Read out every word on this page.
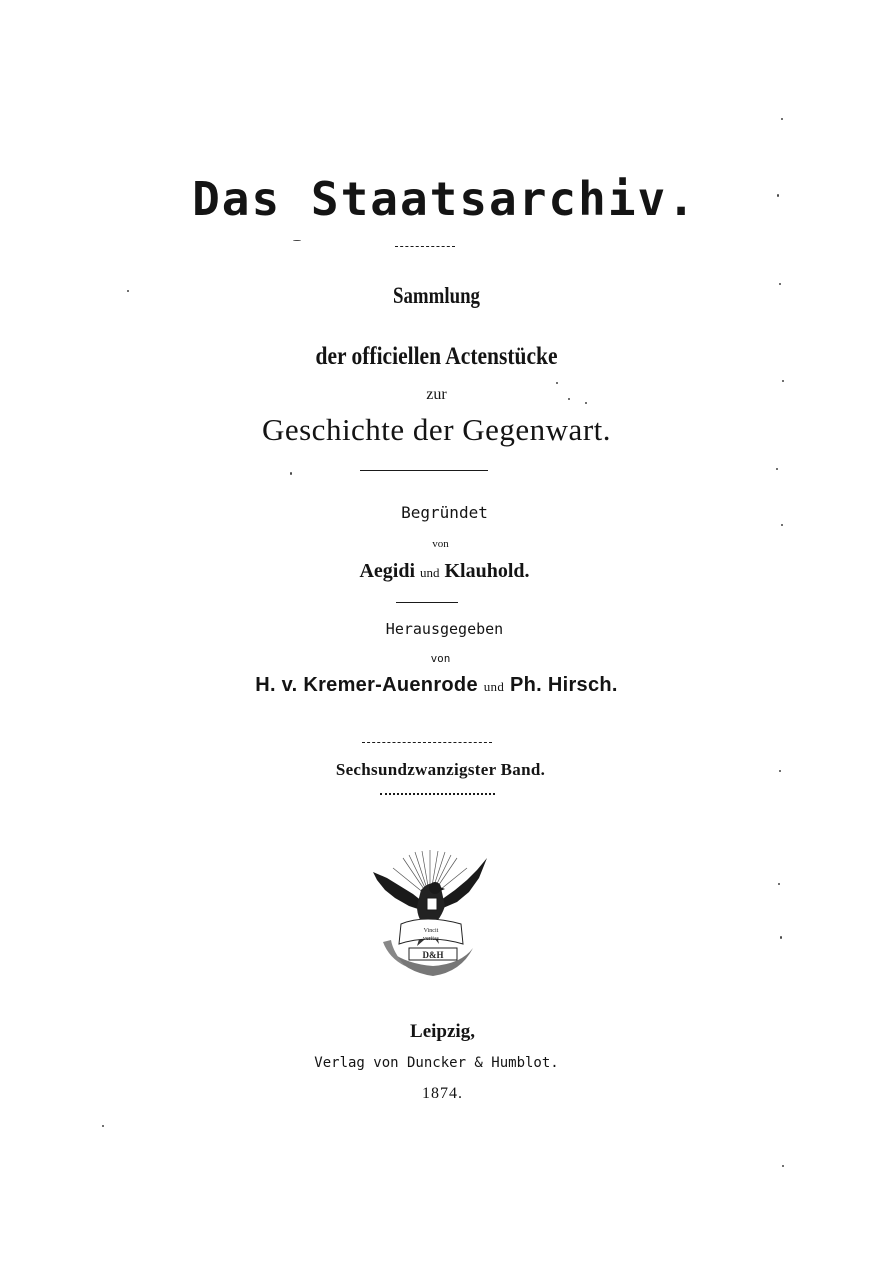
Das Staatsarchiv.
Sammlung
der officiellen Actenstücke
zur
Geschichte der Gegenwart.
Begründet
von
Aegidi und Klauhold.
Herausgegeben
von
H. v. Kremer-Auenrode und Ph. Hirsch.
Sechsundzwanzigster Band.
Vincit
veritas
D&H
Leipzig,
Verlag von Duncker & Humblot.
1874.
